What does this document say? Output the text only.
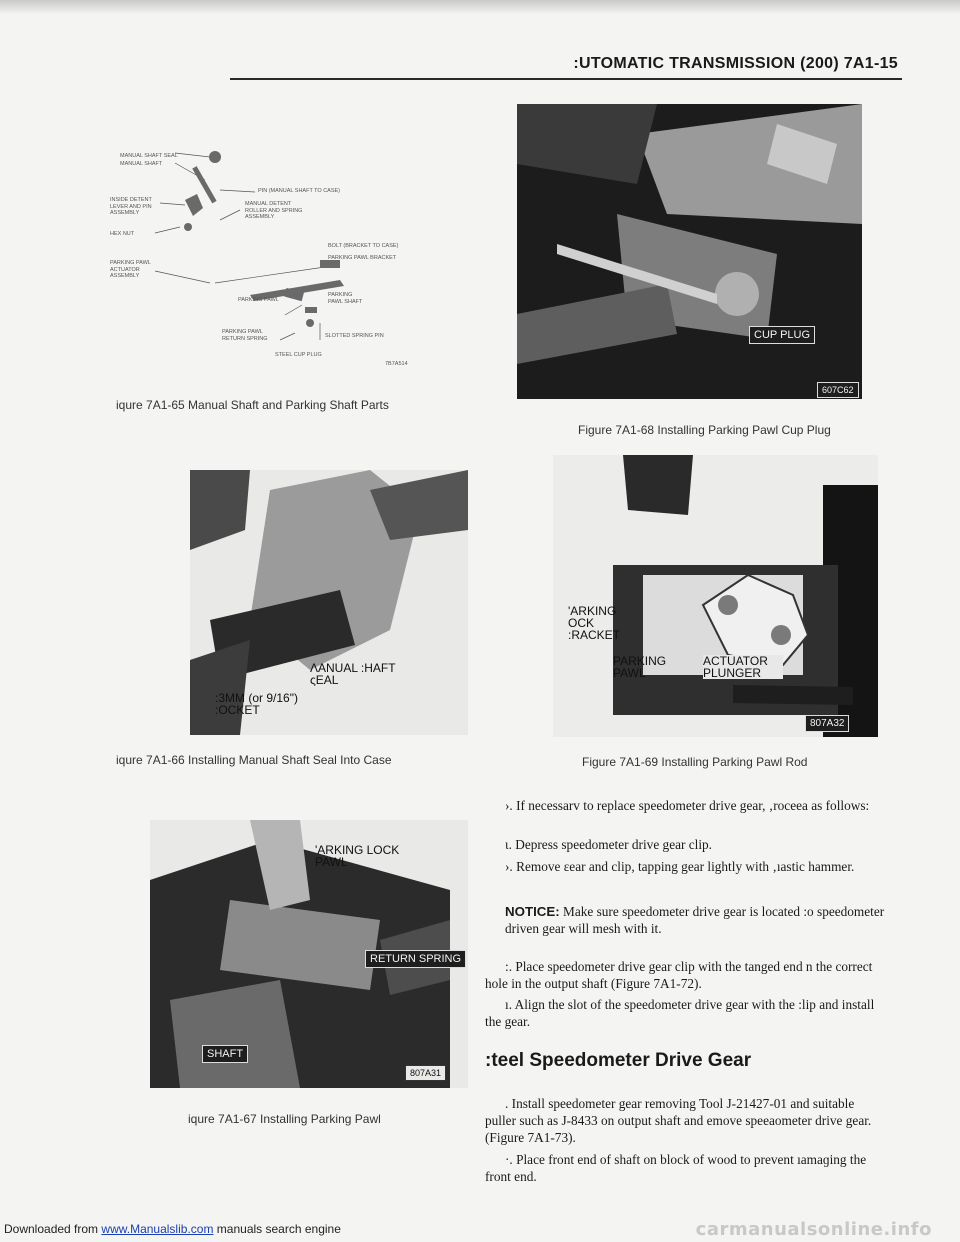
:UTOMATIC TRANSMISSION (200) 7A1-15
MANUAL SHAFT SEAL
MANUAL SHAFT
PIN (MANUAL SHAFT TO CASE)
INSIDE DETENT LEVER AND PIN ASSEMBLY
MANUAL DETENT ROLLER AND SPRING ASSEMBLY
HEX NUT
BOLT (BRACKET TO CASE)
PARKING PAWL ACTUATOR ASSEMBLY
PARKING PAWL BRACKET
PARKING PAWL
PARKING PAWL SHAFT
PARKING PAWL RETURN SPRING	SLOTTED SPRING PIN
STEEL CUP PLUG
7B7A514
iqure 7A1-65 Manual Shaft and Parking Shaft Parts
CUP PLUG
607C62
Figure 7A1-68 Installing Parking Pawl Cup Plug
ΛANUAL :HAFT ςEAL
:3MM (or 9/16") :OCKET
iqure 7A1-66 Installing Manual Shaft Seal Into Case
'ARKING OCK :RACKET
PARKING PAWL
ACTUATOR PLUNGER
807A32
Figure 7A1-69 Installing Parking Pawl Rod
'ARKING LOCK PAWL
RETURN SPRING
SHAFT
807A31
iqure 7A1-67 Installing Parking Pawl
›. If necessarv to replace speedometer drive gear, ‚roceea as follows:
ɩ. Depress speedometer drive gear clip.
›. Remove ɛear and clip, tapping gear lightly with ‚ıastic hammer.
ΝOTICE: Make sure speedometer drive gear is located :o speedometer driven gear will mesh with it.
:. Place speedometer drive gear clip with the tanged end n the correct hole in the output shaft (Figure 7A1-72).
ı. Align the slot of the speedometer drive gear with the :lip and install the gear.
:teel Speedometer Drive Gear
. Install speedometer gear removing Tool J-21427-01 and suitable puller such as J-8433 on output shaft and emove speeaometer drive gear. (Figure 7A1-73).
·. Place front end of shaft on block of wood to prevent ıamaɡing the front end.
Downloaded from www.Manualslib.com manuals search engine	carmanualsonline.info
